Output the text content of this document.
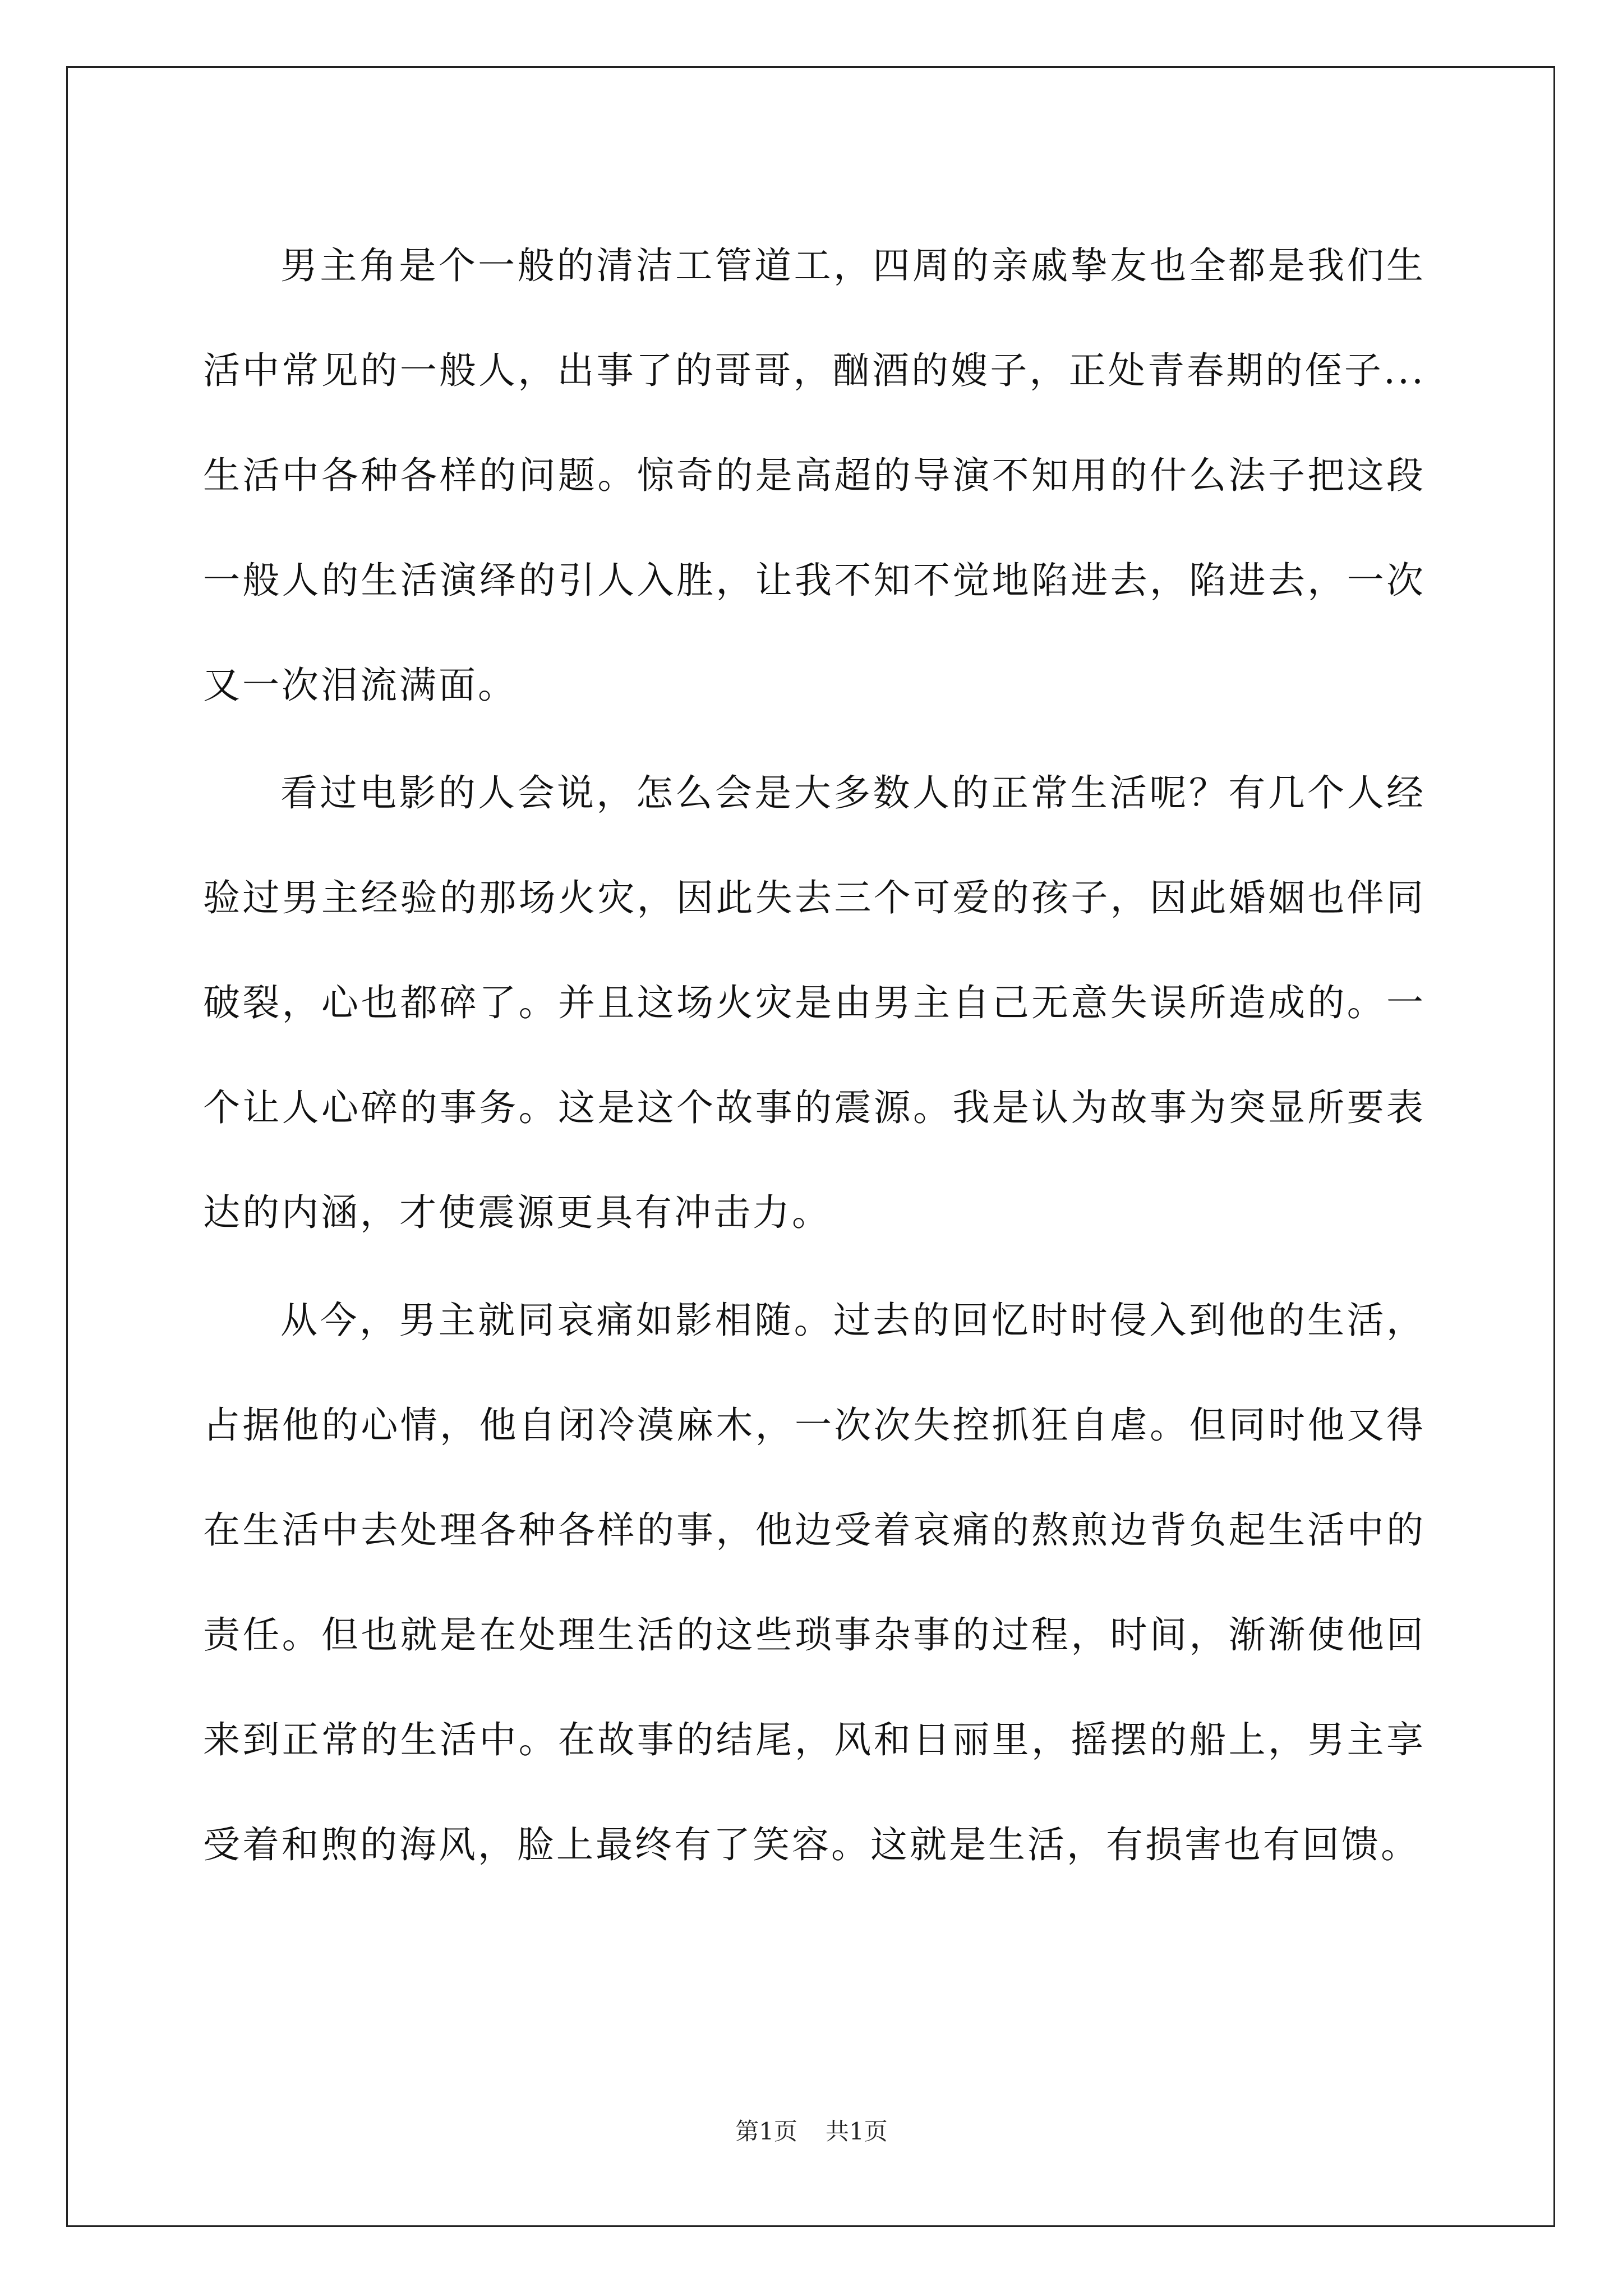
男主角是个一般的清洁工管道工，四周的亲戚挚友也全都是我们生活中常见的一般人，出事了的哥哥，酗酒的嫂子，正处青春期的侄子...生活中各种各样的问题。惊奇的是高超的导演不知用的什么法子把这段一般人的生活演绎的引人入胜，让我不知不觉地陷进去，陷进去，一次又一次泪流满面。

看过电影的人会说，怎么会是大多数人的正常生活呢？有几个人经验过男主经验的那场火灾，因此失去三个可爱的孩子，因此婚姻也伴同破裂，心也都碎了。并且这场火灾是由男主自己无意失误所造成的。一个让人心碎的事务。这是这个故事的震源。我是认为故事为突显所要表达的内涵，才使震源更具有冲击力。

从今，男主就同哀痛如影相随。过去的回忆时时侵入到他的生活，占据他的心情，他自闭冷漠麻木，一次次失控抓狂自虐。但同时他又得在生活中去处理各种各样的事，他边受着哀痛的熬煎边背负起生活中的责任。但也就是在处理生活的这些琐事杂事的过程，时间，渐渐使他回来到正常的生活中。在故事的结尾，风和日丽里，摇摆的船上，男主享受着和煦的海风，脸上最终有了笑容。这就是生活，有损害也有回馈。

第1页 共1页
